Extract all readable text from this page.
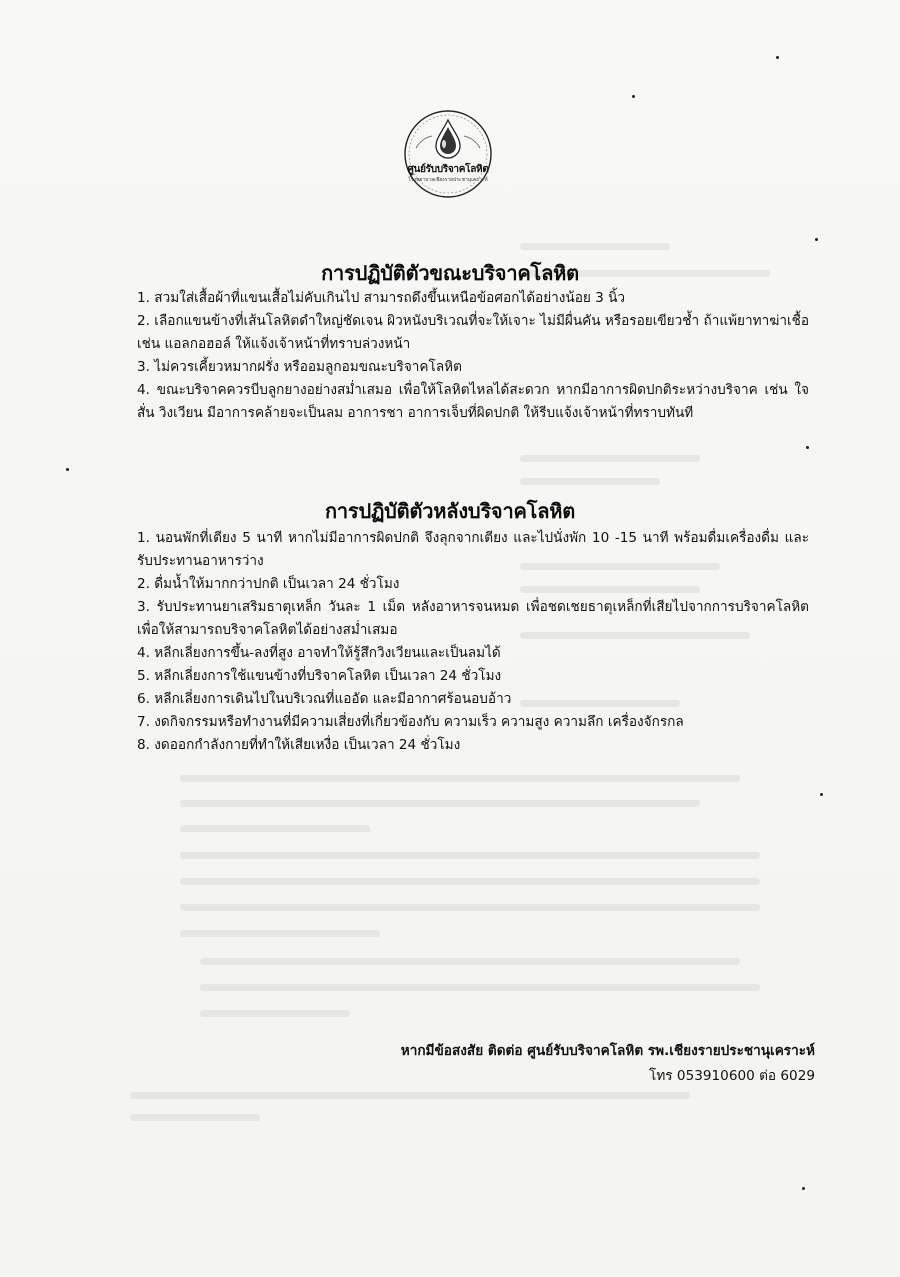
ศูนย์รับบริจาคโลหิต
โรงพยาบาลเชียงรายประชานุเคราะห์
การปฏิบัติตัวขณะบริจาคโลหิต
1. สวมใส่เสื้อผ้าที่แขนเสื้อไม่คับเกินไป สามารถดึงขึ้นเหนือข้อศอกได้อย่างน้อย 3 นิ้ว
2. เลือกแขนข้างที่เส้นโลหิตดำใหญ่ชัดเจน ผิวหนังบริเวณที่จะให้เจาะ ไม่มีผื่นคัน หรือรอยเขียวช้ำ ถ้าแพ้ยาทาฆ่าเชื้อ เช่น แอลกอฮอล์ ให้แจ้งเจ้าหน้าที่ทราบล่วงหน้า
3. ไม่ควรเคี้ยวหมากฝรั่ง หรืออมลูกอมขณะบริจาคโลหิต
4. ขณะบริจาคควรบีบลูกยางอย่างสม่ำเสมอ เพื่อให้โลหิตไหลได้สะดวก หากมีอาการผิดปกติระหว่างบริจาค เช่น ใจสั่น วิงเวียน มีอาการคล้ายจะเป็นลม อาการชา อาการเจ็บที่ผิดปกติ ให้รีบแจ้งเจ้าหน้าที่ทราบทันที
การปฏิบัติตัวหลังบริจาคโลหิต
1. นอนพักที่เตียง 5 นาที หากไม่มีอาการผิดปกติ จึงลุกจากเตียง และไปนั่งพัก 10 -15 นาที พร้อมดื่มเครื่องดื่ม และรับประทานอาหารว่าง
2. ดื่มน้ำให้มากกว่าปกติ เป็นเวลา 24 ชั่วโมง
3. รับประทานยาเสริมธาตุเหล็ก วันละ 1 เม็ด หลังอาหารจนหมด เพื่อชดเชยธาตุเหล็กที่เสียไปจากการบริจาคโลหิต เพื่อให้สามารถบริจาคโลหิตได้อย่างสม่ำเสมอ
4. หลีกเลี่ยงการขึ้น-ลงที่สูง อาจทำให้รู้สึกวิงเวียนและเป็นลมได้
5. หลีกเลี่ยงการใช้แขนข้างที่บริจาคโลหิต เป็นเวลา 24 ชั่วโมง
6. หลีกเลี่ยงการเดินไปในบริเวณที่แออัด และมีอากาศร้อนอบอ้าว
7. งดกิจกรรมหรือทำงานที่มีความเสี่ยงที่เกี่ยวข้องกับ ความเร็ว ความสูง ความลึก เครื่องจักรกล
8. งดออกกำลังกายที่ทำให้เสียเหงื่อ เป็นเวลา 24 ชั่วโมง
หากมีข้อสงสัย ติดต่อ ศูนย์รับบริจาคโลหิต รพ.เชียงรายประชานุเคราะห์
โทร 053910600 ต่อ 6029
